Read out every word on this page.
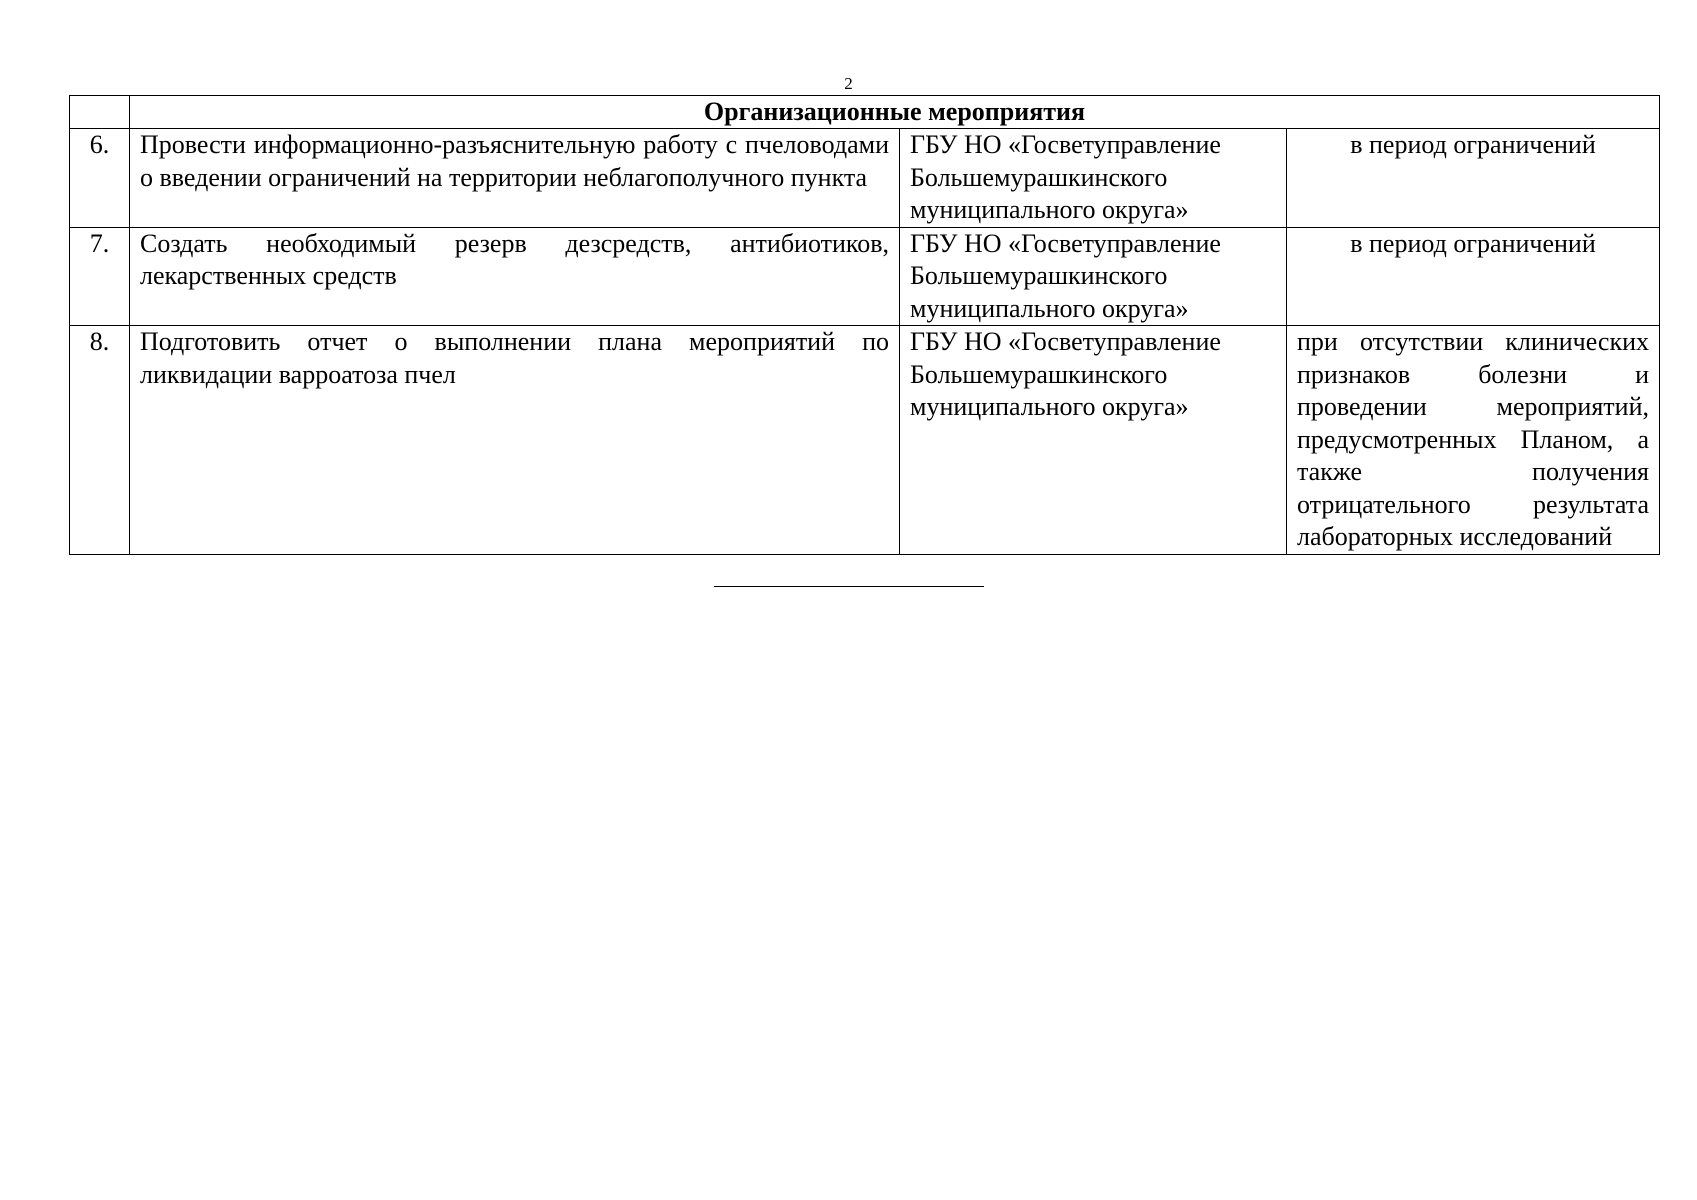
2
	Организационные мероприятия		
6.	Провести информационно-разъяснительную работу с пчеловодами о введении ограничений на территории неблагополучного пункта	ГБУ НО «Госветуправление
Большемурашкинского
муниципального округа»	в период ограничений
7.	Создать необходимый резерв дезсредств, антибиотиков, лекарственных средств	ГБУ НО «Госветуправление
Большемурашкинского
муниципального округа»	в период ограничений
8.	Подготовить отчет о выполнении плана мероприятий по ликвидации варроатоза пчел	ГБУ НО «Госветуправление
Большемурашкинского
муниципального округа»	при отсутствии клинических признаков болезни и проведении мероприятий, предусмотренных Планом, а также получения отрицательного результата лабораторных исследований
